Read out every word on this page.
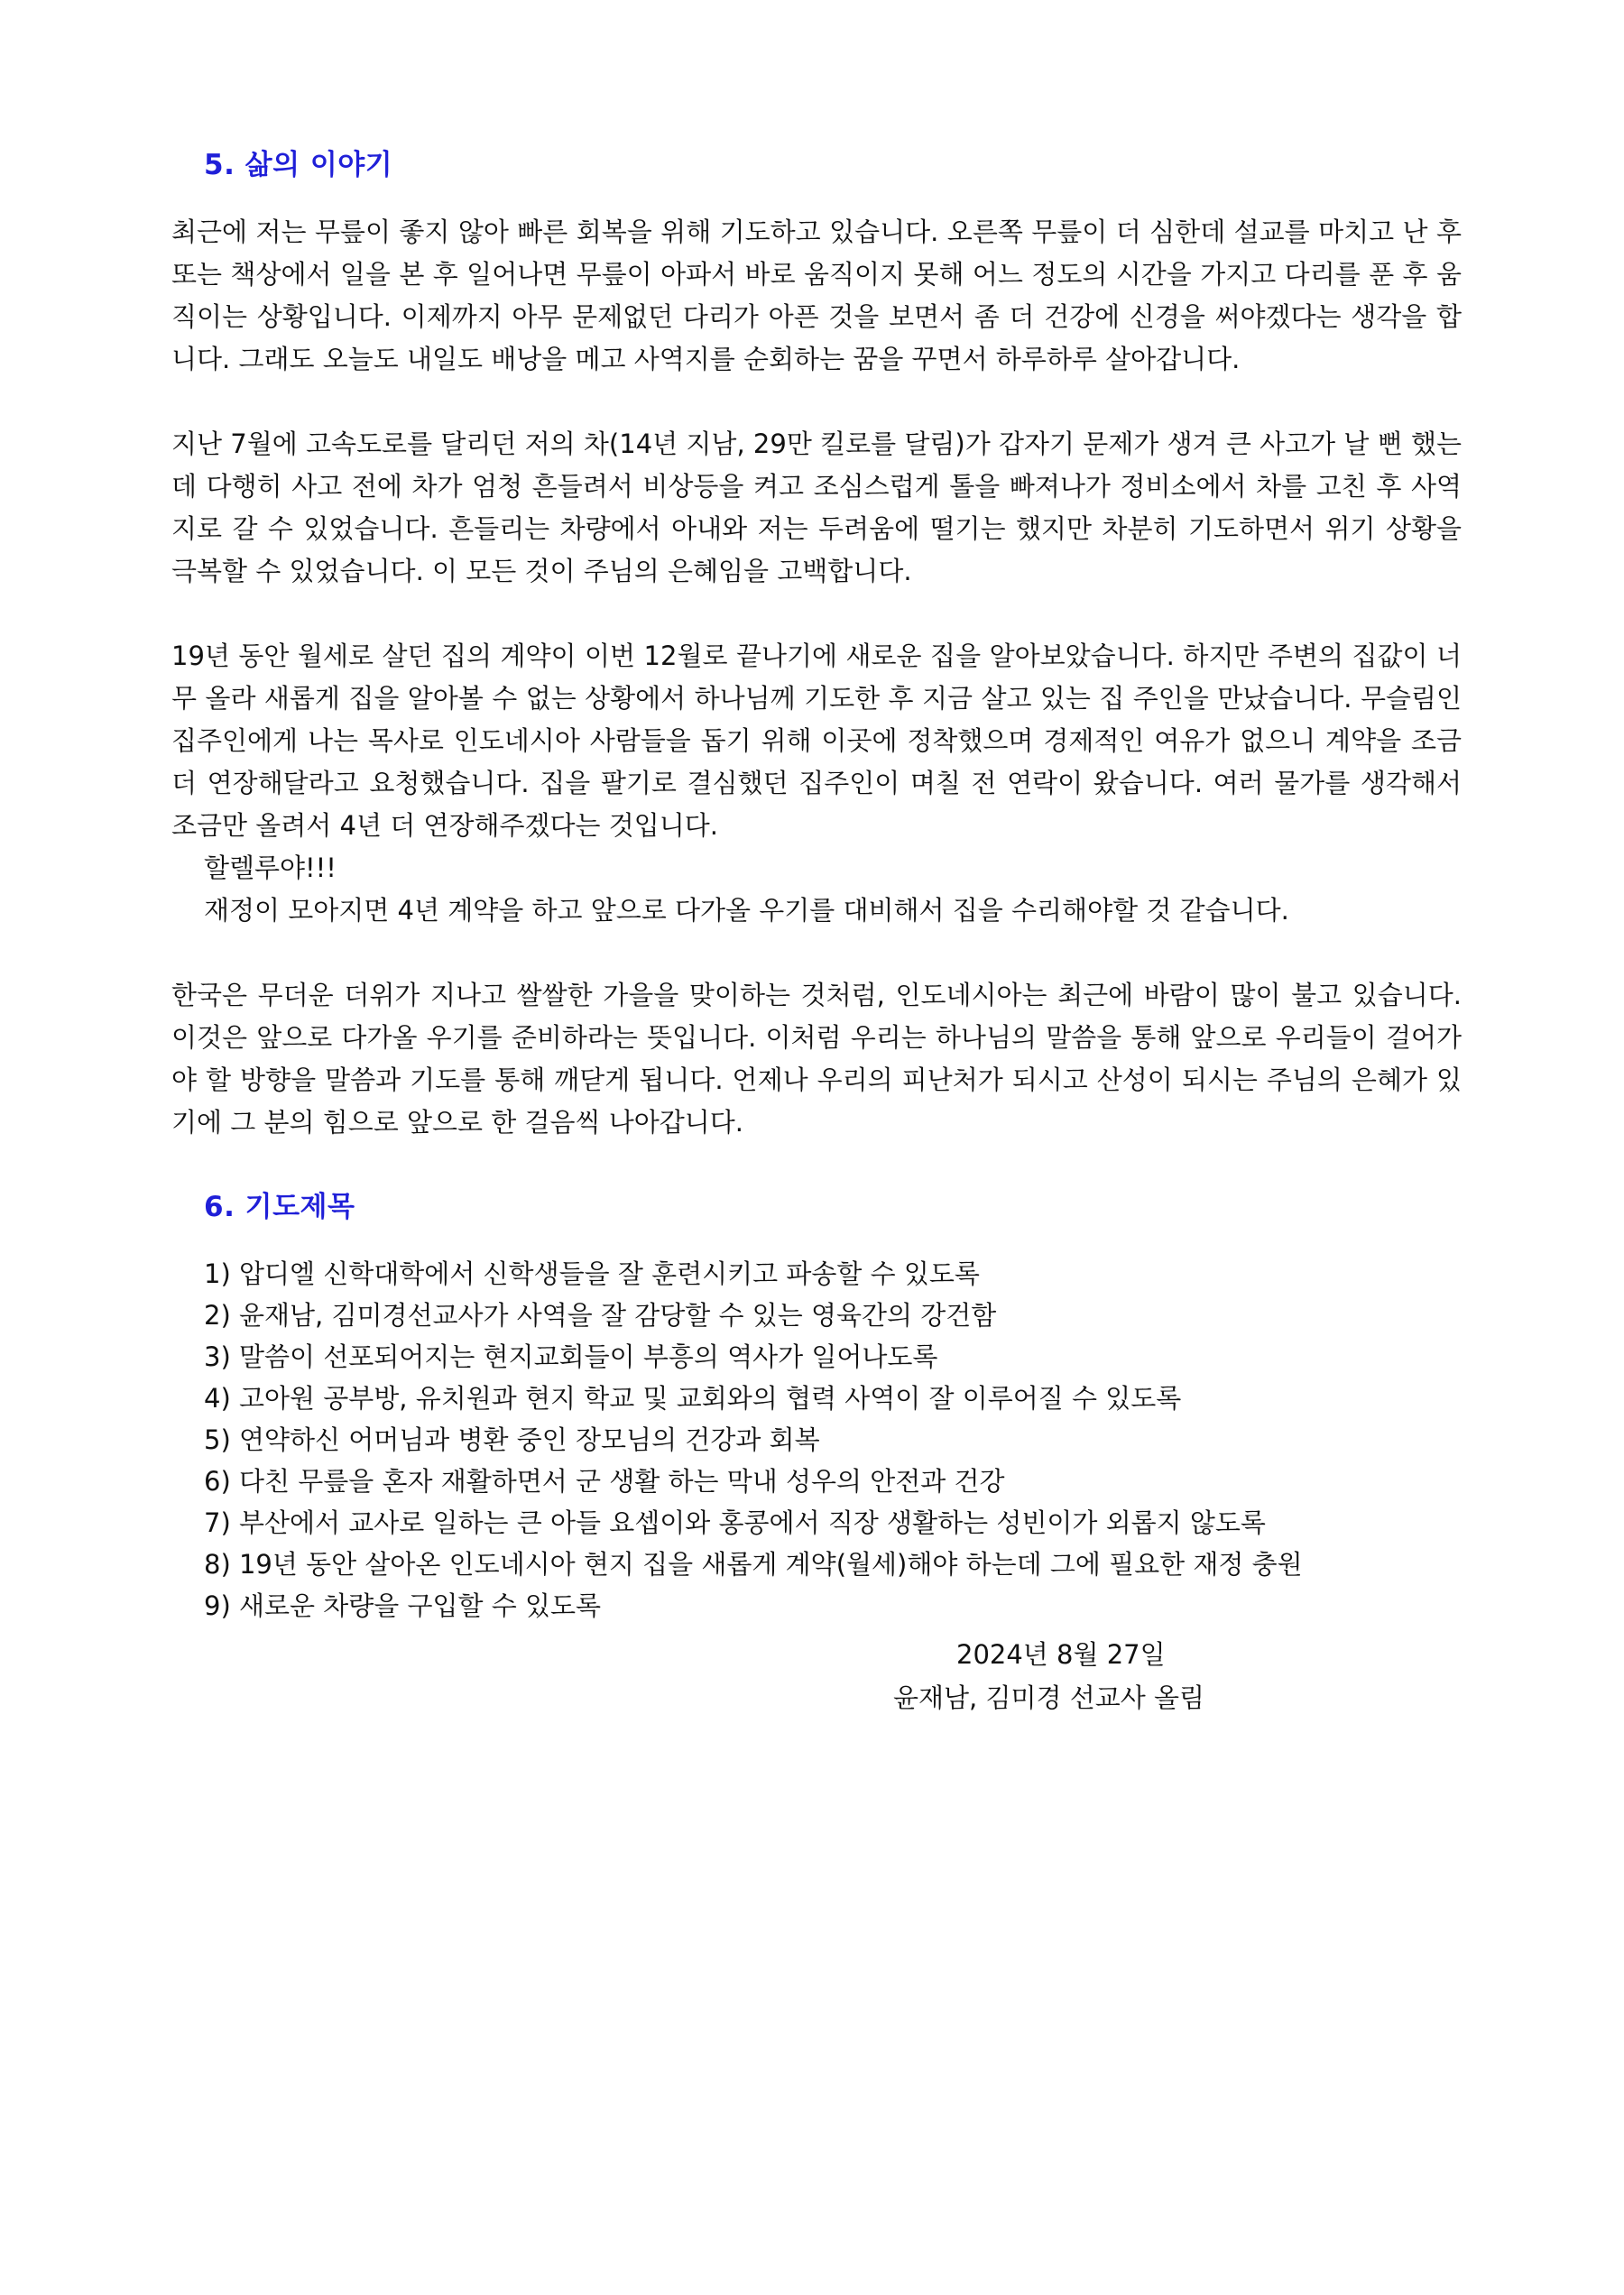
5. 삶의 이야기

최근에 저는 무릎이 좋지 않아 빠른 회복을 위해 기도하고 있습니다. 오른쪽 무릎이 더 심한데 설교를 마치고 난 후 또는 책상에서 일을 본 후 일어나면 무릎이 아파서 바로 움직이지 못해 어느 정도의 시간을 가지고 다리를 푼 후 움직이는 상황입니다. 이제까지 아무 문제없던 다리가 아픈 것을 보면서 좀 더 건강에 신경을 써야겠다는 생각을 합니다. 그래도 오늘도 내일도 배낭을 메고 사역지를 순회하는 꿈을 꾸면서 하루하루 살아갑니다.

지난 7월에 고속도로를 달리던 저의 차(14년 지남, 29만 킬로를 달림)가 갑자기 문제가 생겨 큰 사고가 날 뻔 했는데 다행히 사고 전에 차가 엄청 흔들려서 비상등을 켜고 조심스럽게 톨을 빠져나가 정비소에서 차를 고친 후 사역지로 갈 수 있었습니다. 흔들리는 차량에서 아내와 저는 두려움에 떨기는 했지만 차분히 기도하면서 위기 상황을 극복할 수 있었습니다. 이 모든 것이 주님의 은혜임을 고백합니다.

19년 동안 월세로 살던 집의 계약이 이번 12월로 끝나기에 새로운 집을 알아보았습니다. 하지만 주변의 집값이 너무 올라 새롭게 집을 알아볼 수 없는 상황에서 하나님께 기도한 후 지금 살고 있는 집 주인을 만났습니다. 무슬림인 집주인에게 나는 목사로 인도네시아 사람들을 돕기 위해 이곳에 정착했으며 경제적인 여유가 없으니 계약을 조금 더 연장해달라고 요청했습니다. 집을 팔기로 결심했던 집주인이 며칠 전 연락이 왔습니다. 여러 물가를 생각해서 조금만 올려서 4년 더 연장해주겠다는 것입니다.

할렐루야!!!

재정이 모아지면 4년 계약을 하고 앞으로 다가올 우기를 대비해서 집을 수리해야할 것 같습니다.

한국은 무더운 더위가 지나고 쌀쌀한 가을을 맞이하는 것처럼, 인도네시아는 최근에 바람이 많이 불고 있습니다. 이것은 앞으로 다가올 우기를 준비하라는 뜻입니다. 이처럼 우리는 하나님의 말씀을 통해 앞으로 우리들이 걸어가야 할 방향을 말씀과 기도를 통해 깨닫게 됩니다. 언제나 우리의 피난처가 되시고 산성이 되시는 주님의 은혜가 있기에 그 분의 힘으로 앞으로 한 걸음씩 나아갑니다.

6. 기도제목
1) 압디엘 신학대학에서 신학생들을 잘 훈련시키고 파송할 수 있도록
2) 윤재남, 김미경선교사가 사역을 잘 감당할 수 있는 영육간의 강건함
3) 말씀이 선포되어지는 현지교회들이 부흥의 역사가 일어나도록
4) 고아원 공부방, 유치원과 현지 학교 및 교회와의 협력 사역이 잘 이루어질 수 있도록
5) 연약하신 어머님과 병환 중인 장모님의 건강과 회복
6) 다친 무릎을 혼자 재활하면서 군 생활 하는 막내 성우의 안전과 건강
7) 부산에서 교사로 일하는 큰 아들 요셉이와 홍콩에서 직장 생활하는 성빈이가 외롭지 않도록
8) 19년 동안 살아온 인도네시아 현지 집을 새롭게 계약(월세)해야 하는데 그에 필요한 재정 충원
9) 새로운 차량을 구입할 수 있도록
2024년 8월 27일
윤재남, 김미경 선교사 올림
